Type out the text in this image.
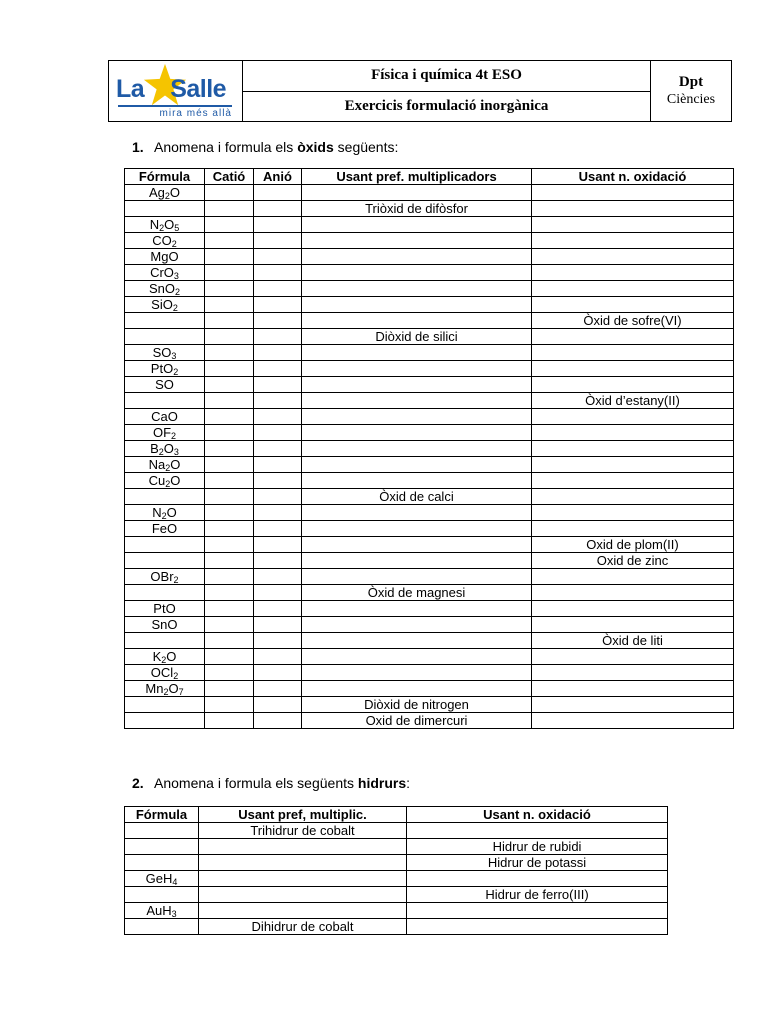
La Salle
mira més allà
Física i química 4t ESO
Exercicis formulació inorgànica
Dpt
Ciències
1. Anomena i formula els òxids següents:
Fórmula	Catió	Anió	Usant pref. multiplicadors	Usant n. oxidació
$Ag_2O$				
			Triòxid de difòsfor	
$N_2O_5$				
$CO_2$				
MgO				
CrO$_3$				
SnO$_2$				
SiO$_2$				
				Òxid de sofre(VI)
			Diòxid de silici	
$SO_3$				
PtO$_2$				
SO				
				Òxid d’estany(II)
CaO				
$OF_2$				
$B_2O_3$				
$Na_2O$				
$Cu_2O$				
			Òxid de calci	
$N_2O$				
FeO				
				Oxid de plom(II)
				Oxid de zinc
OBr$_2$				
			Òxid de magnesi	
PtO				
SnO				
				Òxid de liti
$K_2O$				
OCl$_2$				
$Mn_2O_7$				
			Diòxid de nitrogen	
			Oxid de dimercuri	
2. Anomena i formula els següents hidrurs:
Fórmula	Usant pref, multiplic.	Usant n. oxidació
	Trihidrur de cobalt	
		Hidrur de rubidi
		Hidrur de potassi
GeH$_4$		
		Hidrur de ferro(III)
AuH$_3$		
	Dihidrur de cobalt	
